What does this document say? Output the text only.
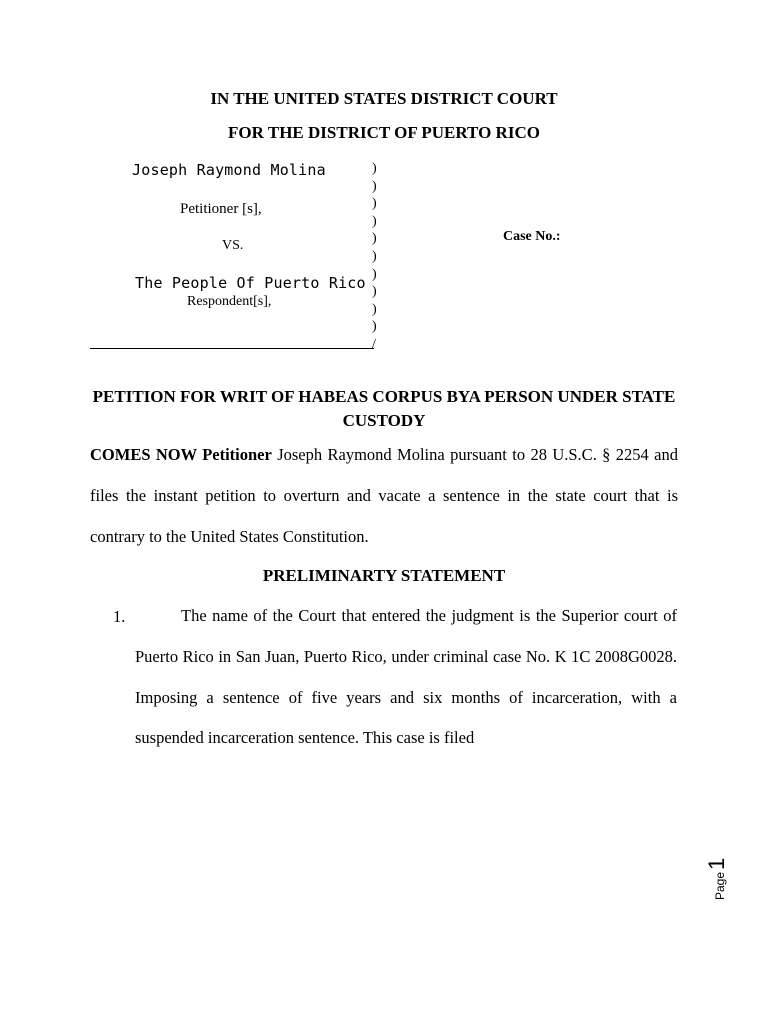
IN THE UNITED STATES DISTRICT COURT
FOR THE DISTRICT OF PUERTO RICO
Joseph Raymond Molina
Petitioner [s],
VS.
The People Of Puerto Rico
Respondent[s],
)
)
)
)
)
)
)
)
)
)
/
Case No.:
PETITION FOR WRIT OF HABEAS CORPUS BYA PERSON UNDER STATE CUSTODY
COMES NOW Petitioner Joseph Raymond Molina pursuant to 28 U.S.C. § 2254 and files the instant petition to overturn and vacate a sentence in the state court that is contrary to the United States Constitution.
PRELIMINARTY STATEMENT
1.	The name of the Court that entered the judgment is the Superior court of Puerto Rico in San Juan, Puerto Rico, under criminal case No. K 1C 2008G0028. Imposing a sentence of five years and six months of incarceration, with a suspended incarceration sentence. This case is filed
Page
1
